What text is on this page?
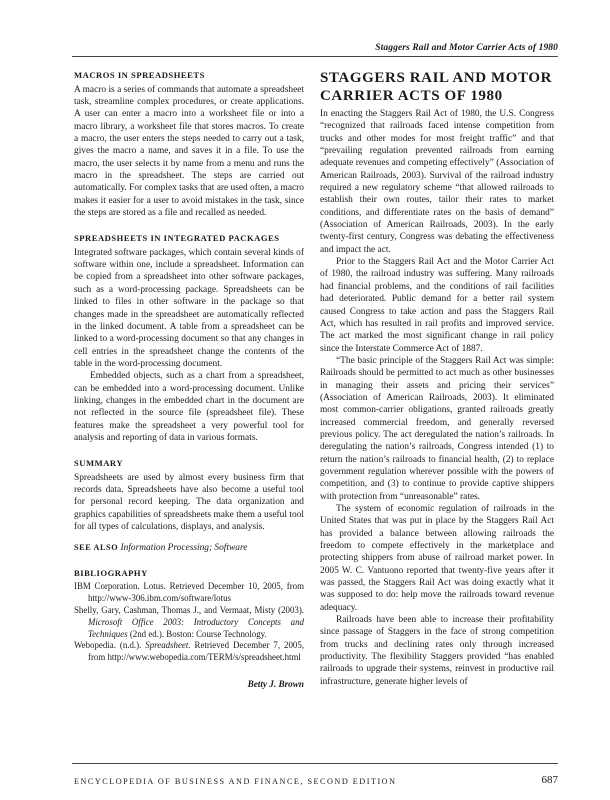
Staggers Rail and Motor Carrier Acts of 1980
MACROS IN SPREADSHEETS

A macro is a series of commands that automate a spreadsheet task, streamline complex procedures, or create applications. A user can enter a macro into a worksheet file or into a macro library, a worksheet file that stores macros. To create a macro, the user enters the steps needed to carry out a task, gives the macro a name, and saves it in a file. To use the macro, the user selects it by name from a menu and runs the macro in the spreadsheet. The steps are carried out automatically. For complex tasks that are used often, a macro makes it easier for a user to avoid mistakes in the task, since the steps are stored as a file and recalled as needed.

SPREADSHEETS IN INTEGRATED PACKAGES

Integrated software packages, which contain several kinds of software within one, include a spreadsheet. Information can be copied from a spreadsheet into other software packages, such as a word-processing package. Spreadsheets can be linked to files in other software in the package so that changes made in the spreadsheet are automatically reflected in the linked document. A table from a spreadsheet can be linked to a word-processing document so that any changes in cell entries in the spreadsheet change the contents of the table in the word-processing document.

Embedded objects, such as a chart from a spreadsheet, can be embedded into a word-processing document. Unlike linking, changes in the embedded chart in the document are not reflected in the source file (spreadsheet file). These features make the spreadsheet a very powerful tool for analysis and reporting of data in various formats.

SUMMARY

Spreadsheets are used by almost every business firm that records data. Spreadsheets have also become a useful tool for personal record keeping. The data organization and graphics capabilities of spreadsheets make them a useful tool for all types of calculations, displays, and analysis.

SEE ALSO Information Processing; Software

BIBLIOGRAPHY

IBM Corporation. Lotus. Retrieved December 10, 2005, from http://www-306.ibm.com/software/lotus

Shelly, Gary, Cashman, Thomas J., and Vermaat, Misty (2003). Microsoft Office 2003: Introductory Concepts and Techniques (2nd ed.). Boston: Course Technology.

Webopedia. (n.d.). Spreadsheet. Retrieved December 7, 2005, from http://www.webopedia.com/TERM/s/spreadsheet.html

Betty J. Brown
STAGGERS RAIL AND MOTOR CARRIER ACTS OF 1980

In enacting the Staggers Rail Act of 1980, the U.S. Congress “recognized that railroads faced intense competition from trucks and other modes for most freight traffic” and that “prevailing regulation prevented railroads from earning adequate revenues and competing effectively” (Association of American Railroads, 2003). Survival of the railroad industry required a new regulatory scheme “that allowed railroads to establish their own routes, tailor their rates to market conditions, and differentiate rates on the basis of demand” (Association of American Railroads, 2003). In the early twenty-first century, Congress was debating the effectiveness and impact the act.

Prior to the Staggers Rail Act and the Motor Carrier Act of 1980, the railroad industry was suffering. Many railroads had financial problems, and the conditions of rail facilities had deteriorated. Public demand for a better rail system caused Congress to take action and pass the Staggers Rail Act, which has resulted in rail profits and improved service. The act marked the most significant change in rail policy since the Interstate Commerce Act of 1887.

“The basic principle of the Staggers Rail Act was simple: Railroads should be permitted to act much as other businesses in managing their assets and pricing their services” (Association of American Railroads, 2003). It eliminated most common-carrier obligations, granted railroads greatly increased commercial freedom, and generally reversed previous policy. The act deregulated the nation’s railroads. In deregulating the nation’s railroads, Congress intended (1) to return the nation’s railroads to financial health, (2) to replace government regulation wherever possible with the powers of competition, and (3) to continue to provide captive shippers with protection from “unreasonable” rates.

The system of economic regulation of railroads in the United States that was put in place by the Staggers Rail Act has provided a balance between allowing railroads the freedom to compete effectively in the marketplace and protecting shippers from abuse of railroad market power. In 2005 W. C. Vantuono reported that twenty-five years after it was passed, the Staggers Rail Act was doing exactly what it was supposed to do: help move the railroads toward revenue adequacy.

Railroads have been able to increase their profitability since passage of Staggers in the face of strong competition from trucks and declining rates only through increased productivity. The flexibility Staggers provided “has enabled railroads to upgrade their systems, reinvest in productive rail infrastructure, generate higher levels of

ENCYCLOPEDIA OF BUSINESS AND FINANCE, SECOND EDITION	687
